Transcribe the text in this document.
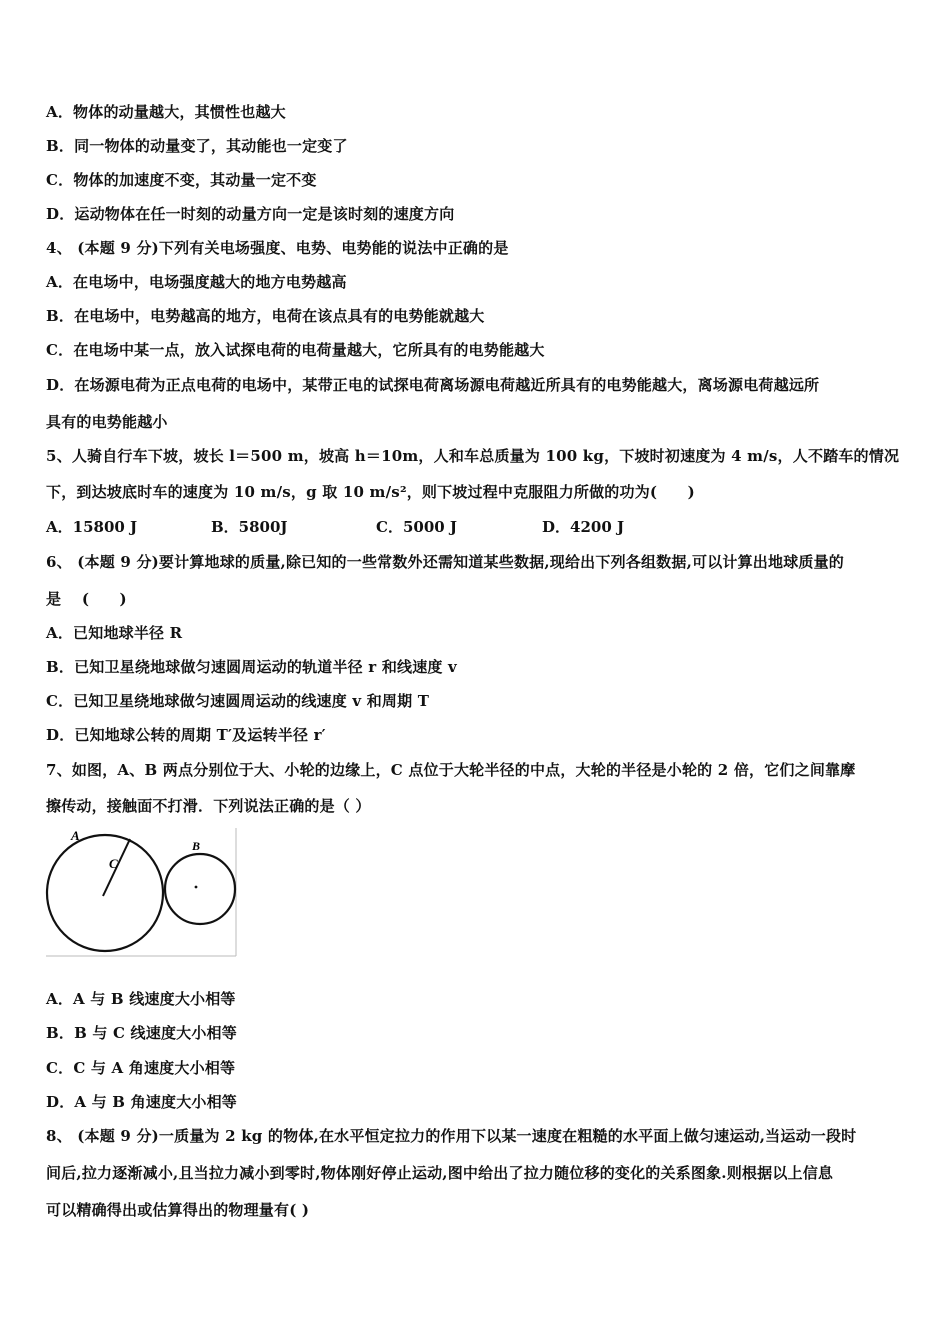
A．物体的动量越大，其惯性也越大
B．同一物体的动量变了，其动能也一定变了
C．物体的加速度不变，其动量一定不变
D．运动物体在任一时刻的动量方向一定是该时刻的速度方向
4、 (本题 9 分)下列有关电场强度、电势、电势能的说法中正确的是
A．在电场中，电场强度越大的地方电势越高
B．在电场中，电势越高的地方，电荷在该点具有的电势能就越大
C．在电场中某一点，放入试探电荷的电荷量越大，它所具有的电势能越大
D．在场源电荷为正点电荷的电场中，某带正电的试探电荷离场源电荷越近所具有的电势能越大，离场源电荷越远所
具有的电势能越小
5、人骑自行车下坡，坡长 l＝500 m，坡高 h＝10m，人和车总质量为 100 kg，下坡时初速度为 4 m/s，人不踏车的情况
下，到达坡底时车的速度为 10 m/s，g 取 10 m/s²，则下坡过程中克服阻力所做的功为(　　)
A．15800 J	B．5800J	C．5000 J	D．4200 J
6、 (本题 9 分)要计算地球的质量,除已知的一些常数外还需知道某些数据,现给出下列各组数据,可以计算出地球质量的
是 　(　　)
A．已知地球半径 R
B．已知卫星绕地球做匀速圆周运动的轨道半径 r 和线速度 v
C．已知卫星绕地球做匀速圆周运动的线速度 v 和周期 T
D．已知地球公转的周期 T′及运转半径 r′
7、如图，A、B 两点分别位于大、小轮的边缘上，C 点位于大轮半径的中点，大轮的半径是小轮的 2 倍，它们之间靠摩
擦传动，接触面不打滑．下列说法正确的是（ ）
A
C
B
A．A 与 B 线速度大小相等
B．B 与 C 线速度大小相等
C．C 与 A 角速度大小相等
D．A 与 B 角速度大小相等
8、 (本题 9 分)一质量为 2 kg 的物体,在水平恒定拉力的作用下以某一速度在粗糙的水平面上做匀速运动,当运动一段时
间后,拉力逐渐减小,且当拉力减小到零时,物体刚好停止运动,图中给出了拉力随位移的变化的关系图象.则根据以上信息
可以精确得出或估算得出的物理量有( )
